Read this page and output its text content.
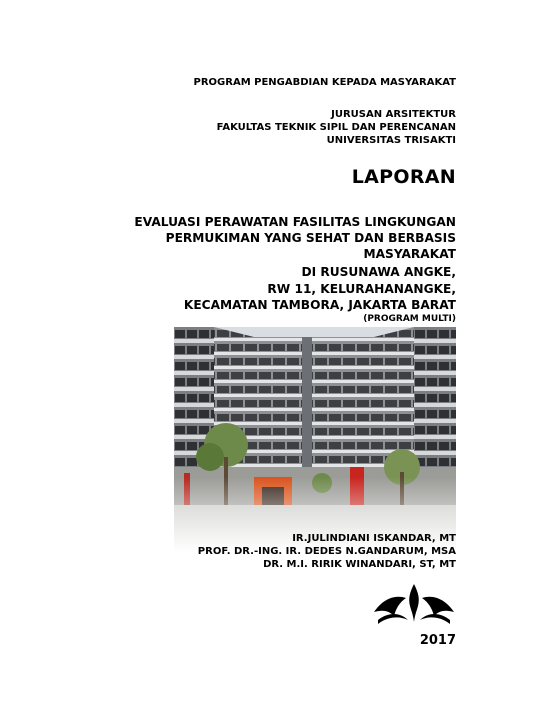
PROGRAM PENGABDIAN KEPADA MASYARAKAT
JURUSAN ARSITEKTUR
FAKULTAS TEKNIK SIPIL DAN PERENCANAN
UNIVERSITAS TRISAKTI
LAPORAN
EVALUASI PERAWATAN FASILITAS LINGKUNGAN
PERMUKIMAN YANG SEHAT DAN BERBASIS
MASYARAKAT
DI RUSUNAWA ANGKE,
RW 11, KELURAHANANGKE,
KECAMATAN TAMBORA, JAKARTA BARAT
(PROGRAM MULTI)
IR.JULINDIANI ISKANDAR, MT
PROF. DR.-ING. IR. DEDES N.GANDARUM, MSA
DR. M.I. RIRIK WINANDARI, ST, MT
2017
